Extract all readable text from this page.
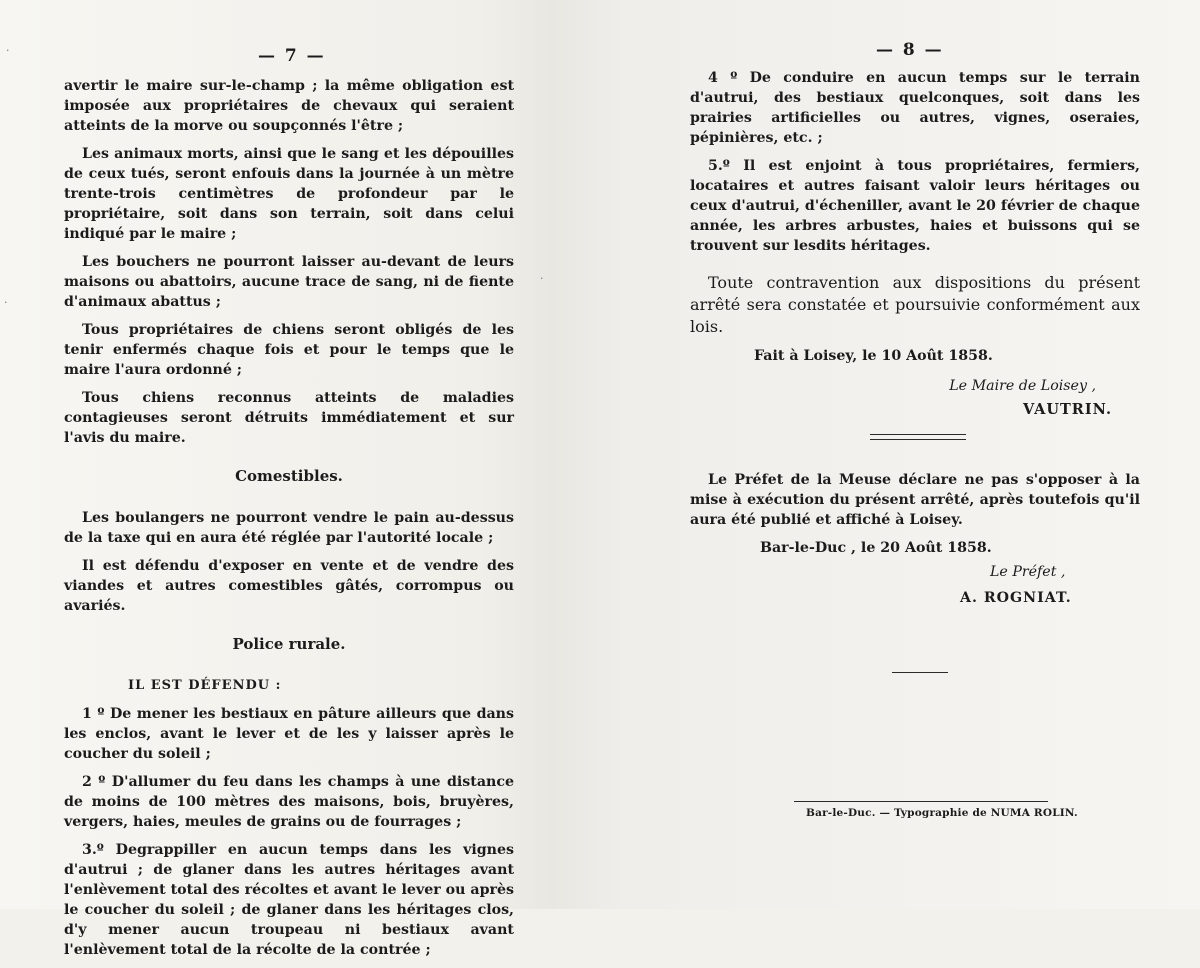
— 7 —

avertir le maire sur-le-champ ; la même obligation est imposée aux propriétaires de chevaux qui seraient atteints de la morve ou soupçonnés l'être ;

Les animaux morts, ainsi que le sang et les dépouilles de ceux tués, seront enfouis dans la journée à un mètre trente-trois centimètres de profondeur par le propriétaire, soit dans son terrain, soit dans celui indiqué par le maire ;

Les bouchers ne pourront laisser au-devant de leurs maisons ou abattoirs, aucune trace de sang, ni de fiente d'animaux abattus ;

Tous propriétaires de chiens seront obligés de les tenir enfermés chaque fois et pour le temps que le maire l'aura ordonné ;

Tous chiens reconnus atteints de maladies contagieuses seront détruits immédiatement et sur l'avis du maire.

Comestibles.

Les boulangers ne pourront vendre le pain au-dessus de la taxe qui en aura été réglée par l'autorité locale ;

Il est défendu d'exposer en vente et de vendre des viandes et autres comestibles gâtés, corrompus ou avariés.

Police rurale.

IL EST DÉFENDU :

1 º De mener les bestiaux en pâture ailleurs que dans les enclos, avant le lever et de les y laisser après le coucher du soleil ;

2 º D'allumer du feu dans les champs à une distance de moins de 100 mètres des maisons, bois, bruyères, vergers, haies, meules de grains ou de fourrages ;

3.º Degrappiller en aucun temps dans les vignes d'autrui ; de glaner dans les autres héritages avant l'enlèvement total des récoltes et avant le lever ou après le coucher du soleil ; de glaner dans les héritages clos, d'y mener aucun troupeau ni bestiaux avant l'enlèvement total de la récolte de la contrée ;

— 8 —

4 º De conduire en aucun temps sur le terrain d'autrui, des bestiaux quelconques, soit dans les prairies artificielles ou autres, vignes, oseraies, pépinières, etc. ;

5.º Il est enjoint à tous propriétaires, fermiers, locataires et autres faisant valoir leurs héritages ou ceux d'autrui, d'écheniller, avant le 20 février de chaque année, les arbres arbustes, haies et buissons qui se trouvent sur lesdits héritages.

Toute contravention aux dispositions du présent arrêté sera constatée et poursuivie conformément aux lois.

Fait à Loisey, le 10 Août 1858.

Le Maire de Loisey ,

VAUTRIN.

Le Préfet de la Meuse déclare ne pas s'opposer à la mise à exécution du présent arrêté, après toutefois qu'il aura été publié et affiché à Loisey.

Bar-le-Duc , le 20 Août 1858.

Le Préfet ,

A. ROGNIAT.

Bar-le-Duc. — Typographie de NUMA ROLIN.
·
·
·
